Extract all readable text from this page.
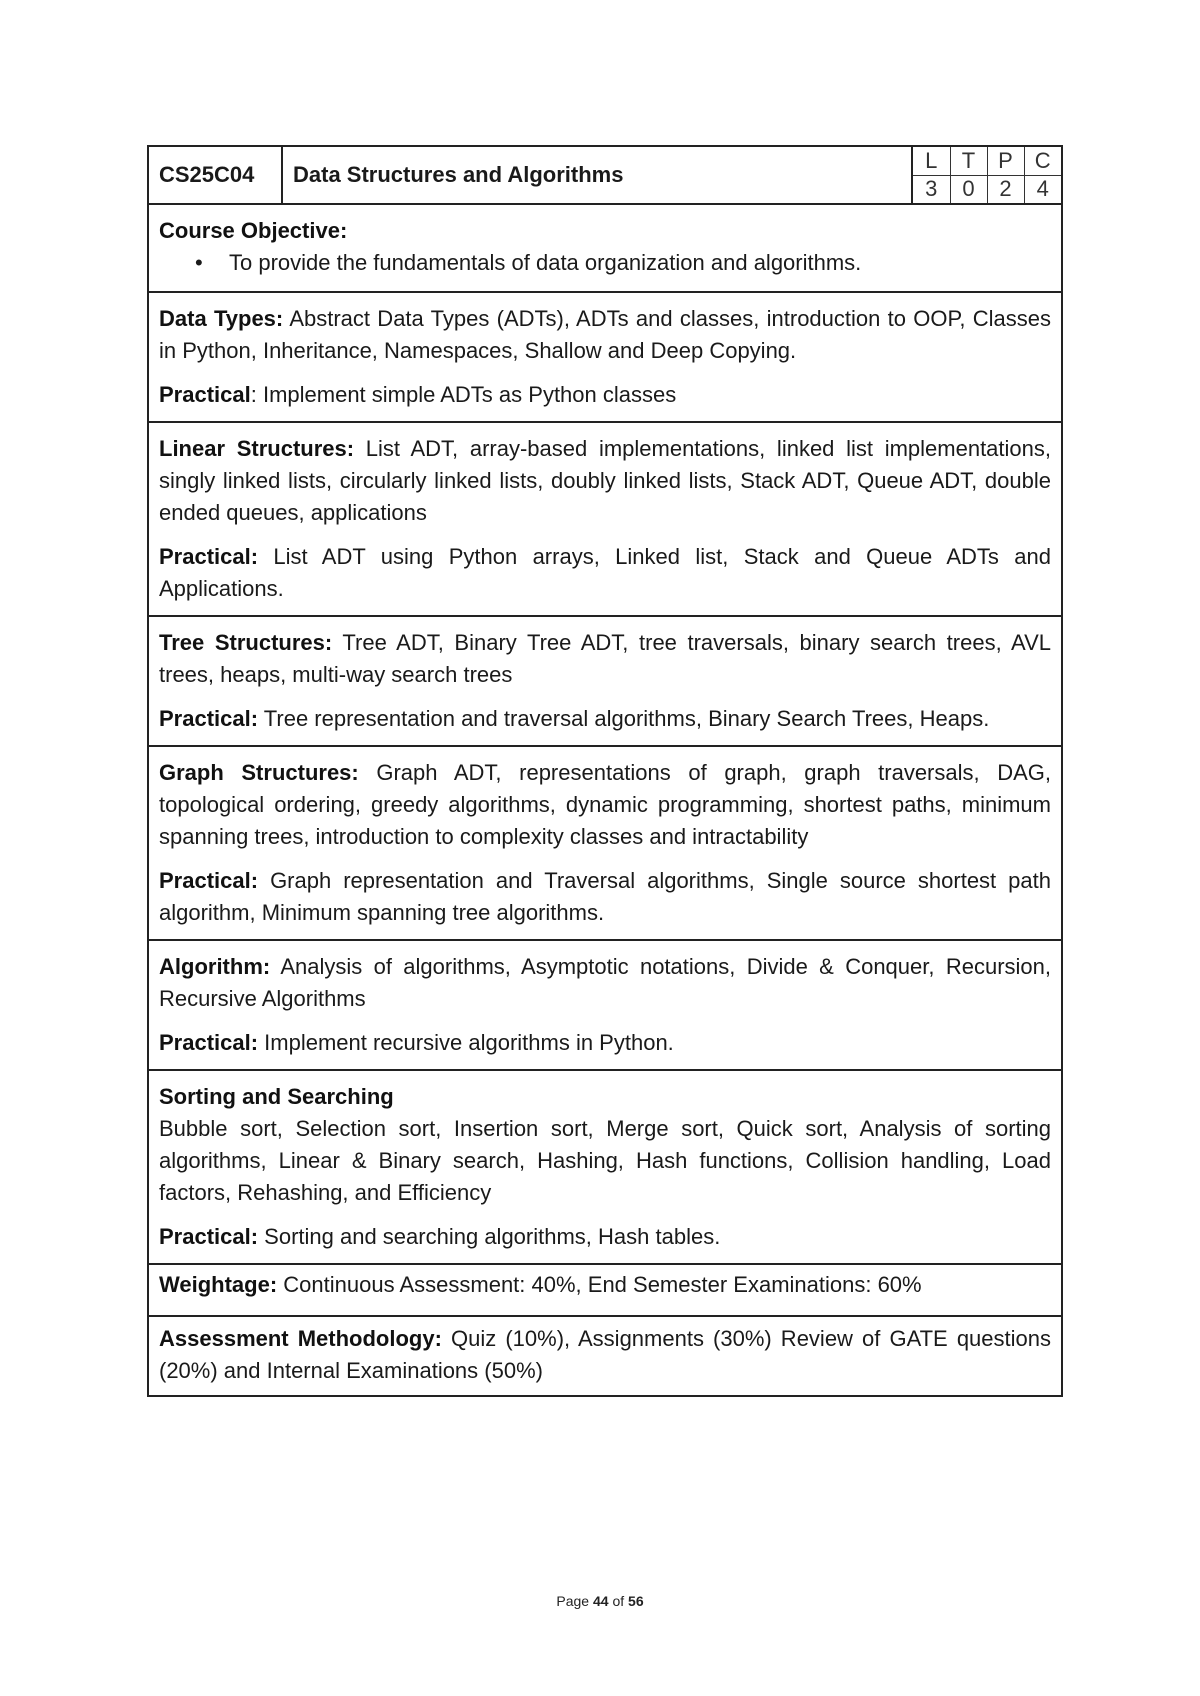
CS25C04	Data Structures and Algorithms	
L	T	P	C
3	0	2	4

Course Objective:
• To provide the fundamentals of data organization and algorithms.

Data Types: Abstract Data Types (ADTs), ADTs and classes, introduction to OOP, Classes in Python, Inheritance, Namespaces, Shallow and Deep Copying.

Practical: Implement simple ADTs as Python classes

Linear Structures: List ADT, array-based implementations, linked list implementations, singly linked lists, circularly linked lists, doubly linked lists, Stack ADT, Queue ADT, double ended queues, applications

Practical: List ADT using Python arrays, Linked list, Stack and Queue ADTs and Applications.

Tree Structures: Tree ADT, Binary Tree ADT, tree traversals, binary search trees, AVL trees, heaps, multi-way search trees

Practical: Tree representation and traversal algorithms, Binary Search Trees, Heaps.

Graph Structures: Graph ADT, representations of graph, graph traversals, DAG, topological ordering, greedy algorithms, dynamic programming, shortest paths, minimum spanning trees, introduction to complexity classes and intractability

Practical: Graph representation and Traversal algorithms, Single source shortest path algorithm, Minimum spanning tree algorithms.

Algorithm: Analysis of algorithms, Asymptotic notations, Divide & Conquer, Recursion, Recursive Algorithms

Practical: Implement recursive algorithms in Python.

Sorting and Searching

Bubble sort, Selection sort, Insertion sort, Merge sort, Quick sort, Analysis of sorting algorithms, Linear & Binary search, Hashing, Hash functions, Collision handling, Load factors, Rehashing, and Efficiency

Practical: Sorting and searching algorithms, Hash tables.

Weightage: Continuous Assessment: 40%, End Semester Examinations: 60%

Assessment Methodology: Quiz (10%), Assignments (30%) Review of GATE questions (20%) and Internal Examinations (50%)

Page 44 of 56
